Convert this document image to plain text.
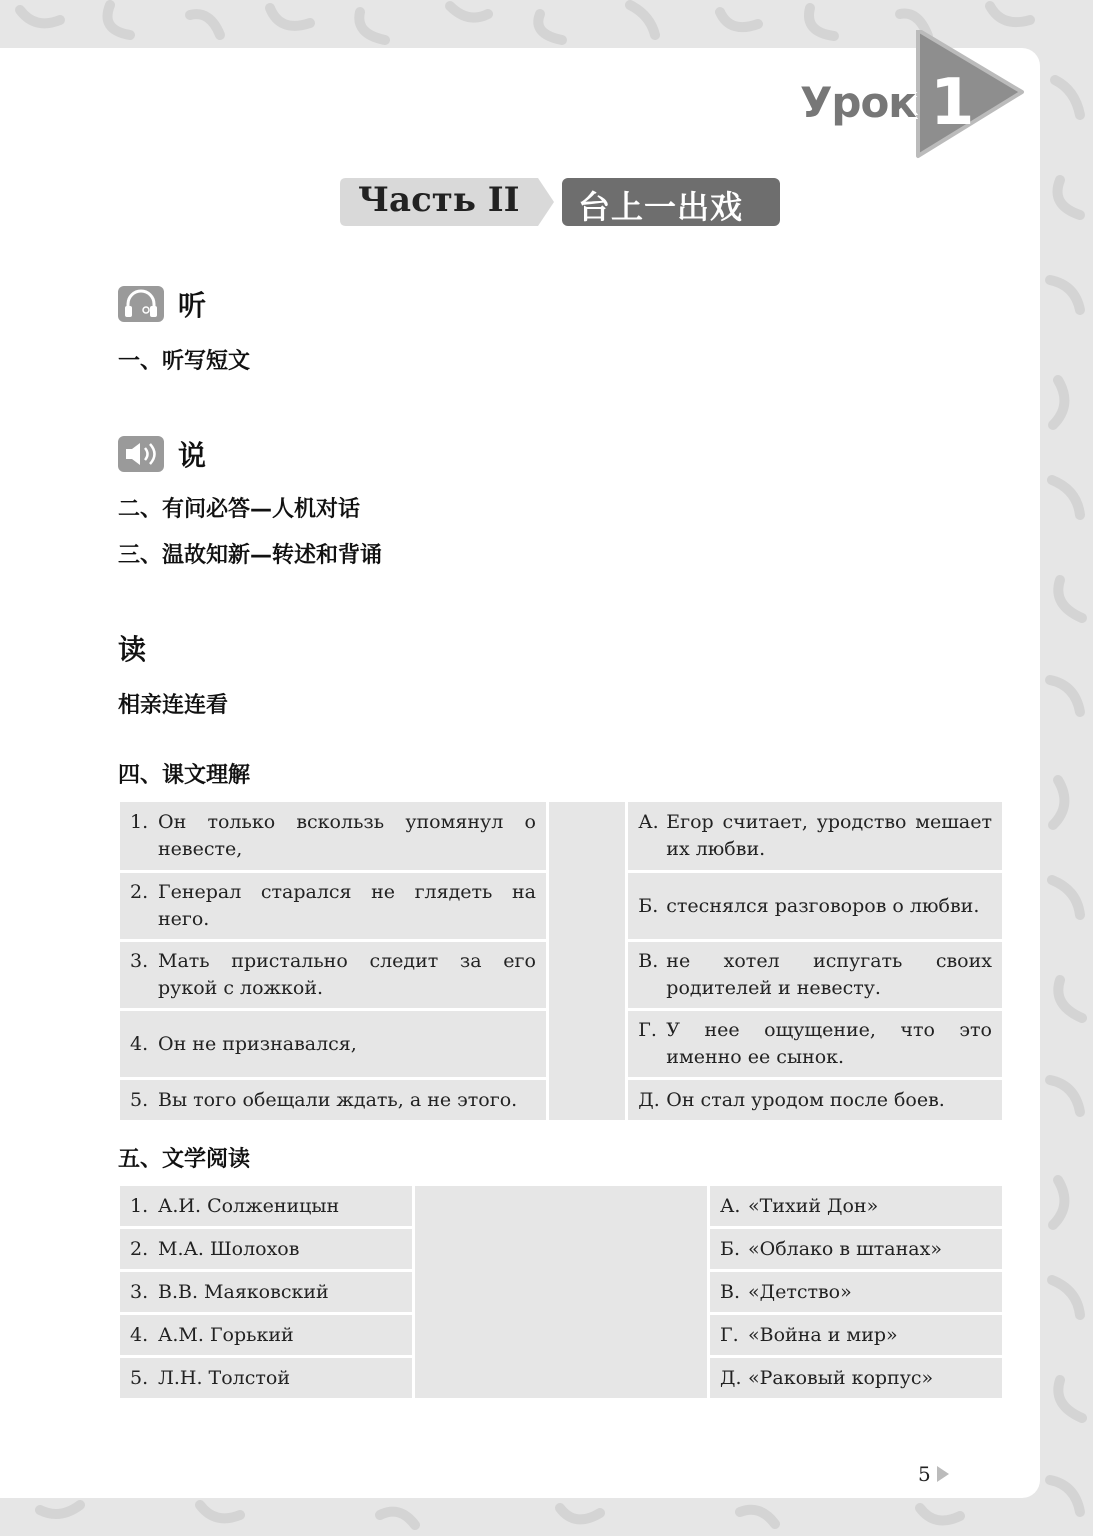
Урок 1
Часть II 台上一出戏
听
一、听写短文
说
二、有问必答—人机对话
三、温故知新—转述和背诵
读
相亲连连看
四、课文理解
1. Он только вскользь упомянул о невесте,		А. Егор считает, уродство мешает их любви.

2. Генерал старался не глядеть на него.		Б. стеснялся разговоров о любви.

3. Мать пристально следит за его рукой с ложкой.		В. не хотел испугать своих родителей и невесту.

4. Он не признавался,		Г. У нее ощущение, что это именно ее сынок.

5. Вы того обещали ждать, а не этого.		Д. Он стал уродом после боев.
五、文学阅读
1. А.И. Солженицын		А. «Тихий Дон»

2. М.А. Шолохов		Б. «Облако в штанах»

3. В.В. Маяковский		В. «Детство»

4. А.М. Горький		Г. «Война и мир»

5. Л.Н. Толстой		Д. «Раковый корпус»
5
